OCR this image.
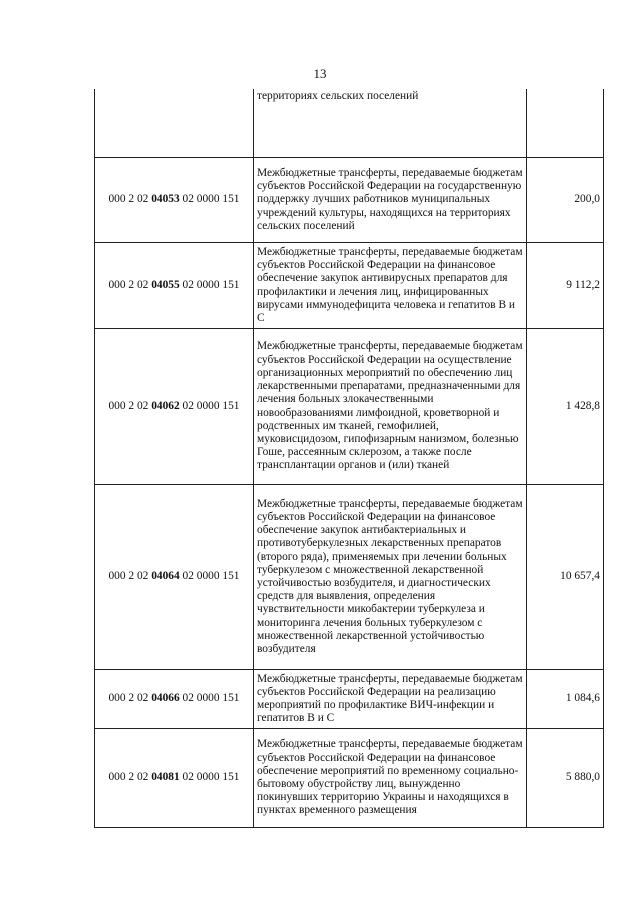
13
	территориях сельских поселений	
000 2 02 04053 02 0000 151	Межбюджетные трансферты, передаваемые бюджетам субъектов Российской Федерации на государственную поддержку лучших работников муниципальных учреждений культуры, находящихся на территориях сельских поселений	200,0
000 2 02 04055 02 0000 151	Межбюджетные трансферты, передаваемые бюджетам субъектов Российской Федерации на финансовое обеспечение закупок антивирусных препаратов для профилактики и лечения лиц, инфицированных вирусами иммунодефицита человека и гепатитов В и С	9 112,2
000 2 02 04062 02 0000 151	Межбюджетные трансферты, передаваемые бюджетам субъектов Российской Федерации на осуществление организационных мероприятий по обеспечению лиц лекарственными препаратами, предназначенными для лечения больных злокачественными новообразованиями лимфоидной, кроветворной и родственных им тканей, гемофилией, муковисцидозом, гипофизарным нанизмом, болезнью Гоше, рассеянным склерозом, а также после трансплантации органов и (или) тканей	1 428,8
000 2 02 04064 02 0000 151	Межбюджетные трансферты, передаваемые бюджетам субъектов Российской Федерации на финансовое обеспечение закупок антибактериальных и противотуберкулезных лекарственных препаратов (второго ряда), применяемых при лечении больных туберкулезом с множественной лекарственной устойчивостью возбудителя, и диагностических средств для выявления, определения чувствительности микобактерии туберкулеза и мониторинга лечения больных туберкулезом с множественной лекарственной устойчивостью возбудителя	10 657,4
000 2 02 04066 02 0000 151	Межбюджетные трансферты, передаваемые бюджетам субъектов Российской Федерации на реализацию мероприятий по профилактике ВИЧ-инфекции и гепатитов В и С	1 084,6
000 2 02 04081 02 0000 151	Межбюджетные трансферты, передаваемые бюджетам субъектов Российской Федерации на финансовое обеспечение мероприятий по временному социально-бытовому обустройству лиц, вынужденно покинувших территорию Украины и находящихся в пунктах временного размещения	5 880,0
